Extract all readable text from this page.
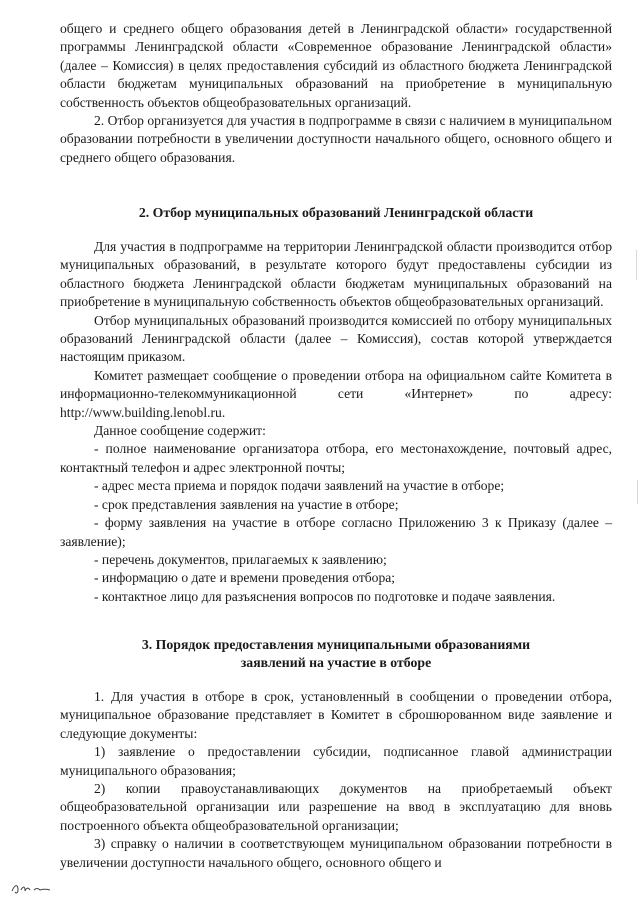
общего и среднего общего образования детей в Ленинградской области» государственной программы Ленинградской области «Современное образование Ленинградской области» (далее – Комиссия) в целях предоставления субсидий из областного бюджета Ленинградской области бюджетам муниципальных образований на приобретение в муниципальную собственность объектов общеобразовательных организаций.

2. Отбор организуется для участия в подпрограмме в связи с наличием в муниципальном образовании потребности в увеличении доступности начального общего, основного общего и среднего общего образования.

2. Отбор муниципальных образований Ленинградской области

Для участия в подпрограмме на территории Ленинградской области производится отбор муниципальных образований, в результате которого будут предоставлены субсидии из областного бюджета Ленинградской области бюджетам муниципальных образований на приобретение в муниципальную собственность объектов общеобразовательных организаций.

Отбор муниципальных образований производится комиссией по отбору муниципальных образований Ленинградской области (далее – Комиссия), состав которой утверждается настоящим приказом.

Комитет размещает сообщение о проведении отбора на официальном сайте Комитета в информационно-телекоммуникационной сети «Интернет» по адресу: http://www.building.lenobl.ru.

Данное сообщение содержит:

- полное наименование организатора отбора, его местонахождение, почтовый адрес, контактный телефон и адрес электронной почты;

- адрес места приема и порядок подачи заявлений на участие в отборе;

- срок представления заявления на участие в отборе;

- форму заявления на участие в отборе согласно Приложению 3 к Приказу (далее – заявление);

- перечень документов, прилагаемых к заявлению;

- информацию о дате и времени проведения отбора;

- контактное лицо для разъяснения вопросов по подготовке и подаче заявления.

3. Порядок предоставления муниципальными образованиями
заявлений на участие в отборе

1. Для участия в отборе в срок, установленный в сообщении о проведении отбора, муниципальное образование представляет в Комитет в сброшюрованном виде заявление и следующие документы:

1) заявление о предоставлении субсидии, подписанное главой администрации муниципального образования;

2) копии правоустанавливающих документов на приобретаемый объект общеобразовательной организации или разрешение на ввод в эксплуатацию для вновь построенного объекта общеобразовательной организации;

3) справку о наличии в соответствующем муниципальном образовании потребности в увеличении доступности начального общего, основного общего и
